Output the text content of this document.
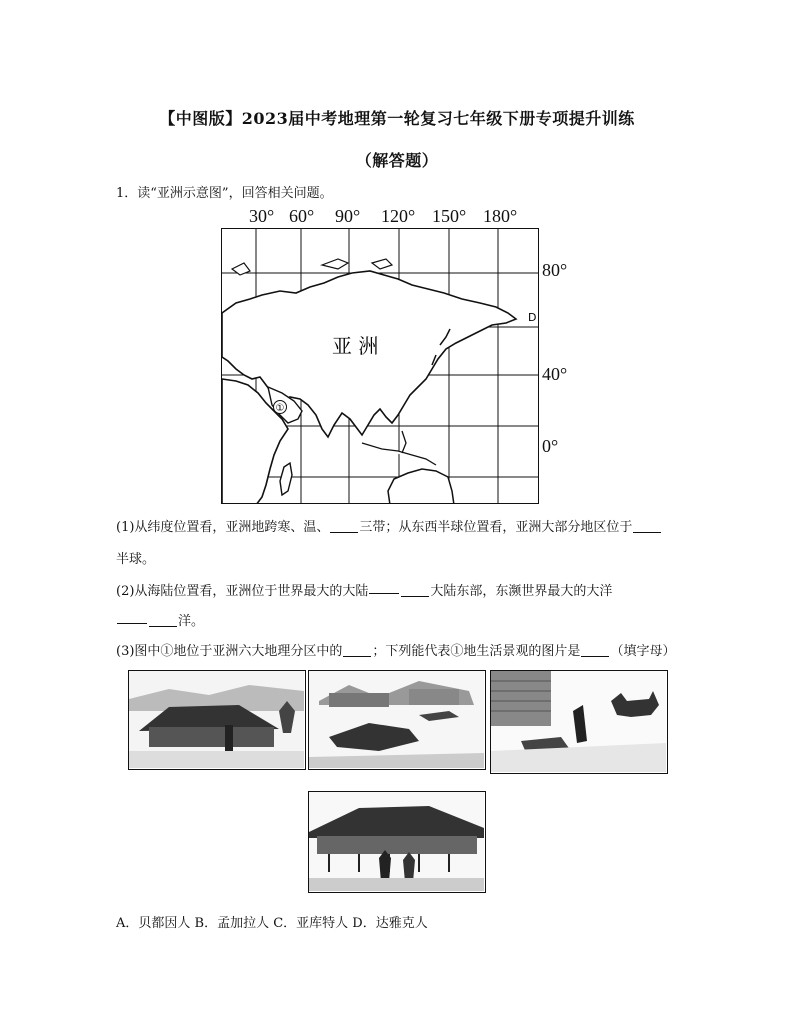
【中图版】2023届中考地理第一轮复习七年级下册专项提升训练
（解答题）
1．读“亚洲示意图”，回答相关问题。
30° 60° 90° 120° 150° 180°
80°
40°
0°
①
亚 洲
D
(1)从纬度位置看，亚洲地跨寒、温、 三带；从东西半球位置看，亚洲大部分地区位于
半球。
(2)从海陆位置看，亚洲位于世界最大的大陆	大陆东部，东濒世界最大的大洋
洋。
(3)图中①地位于亚洲六大地理分区中的 ；下列能代表①地生活景观的图片是 （填字母）
A．贝都因人 B．孟加拉人 C．亚库特人 D．达雅克人
